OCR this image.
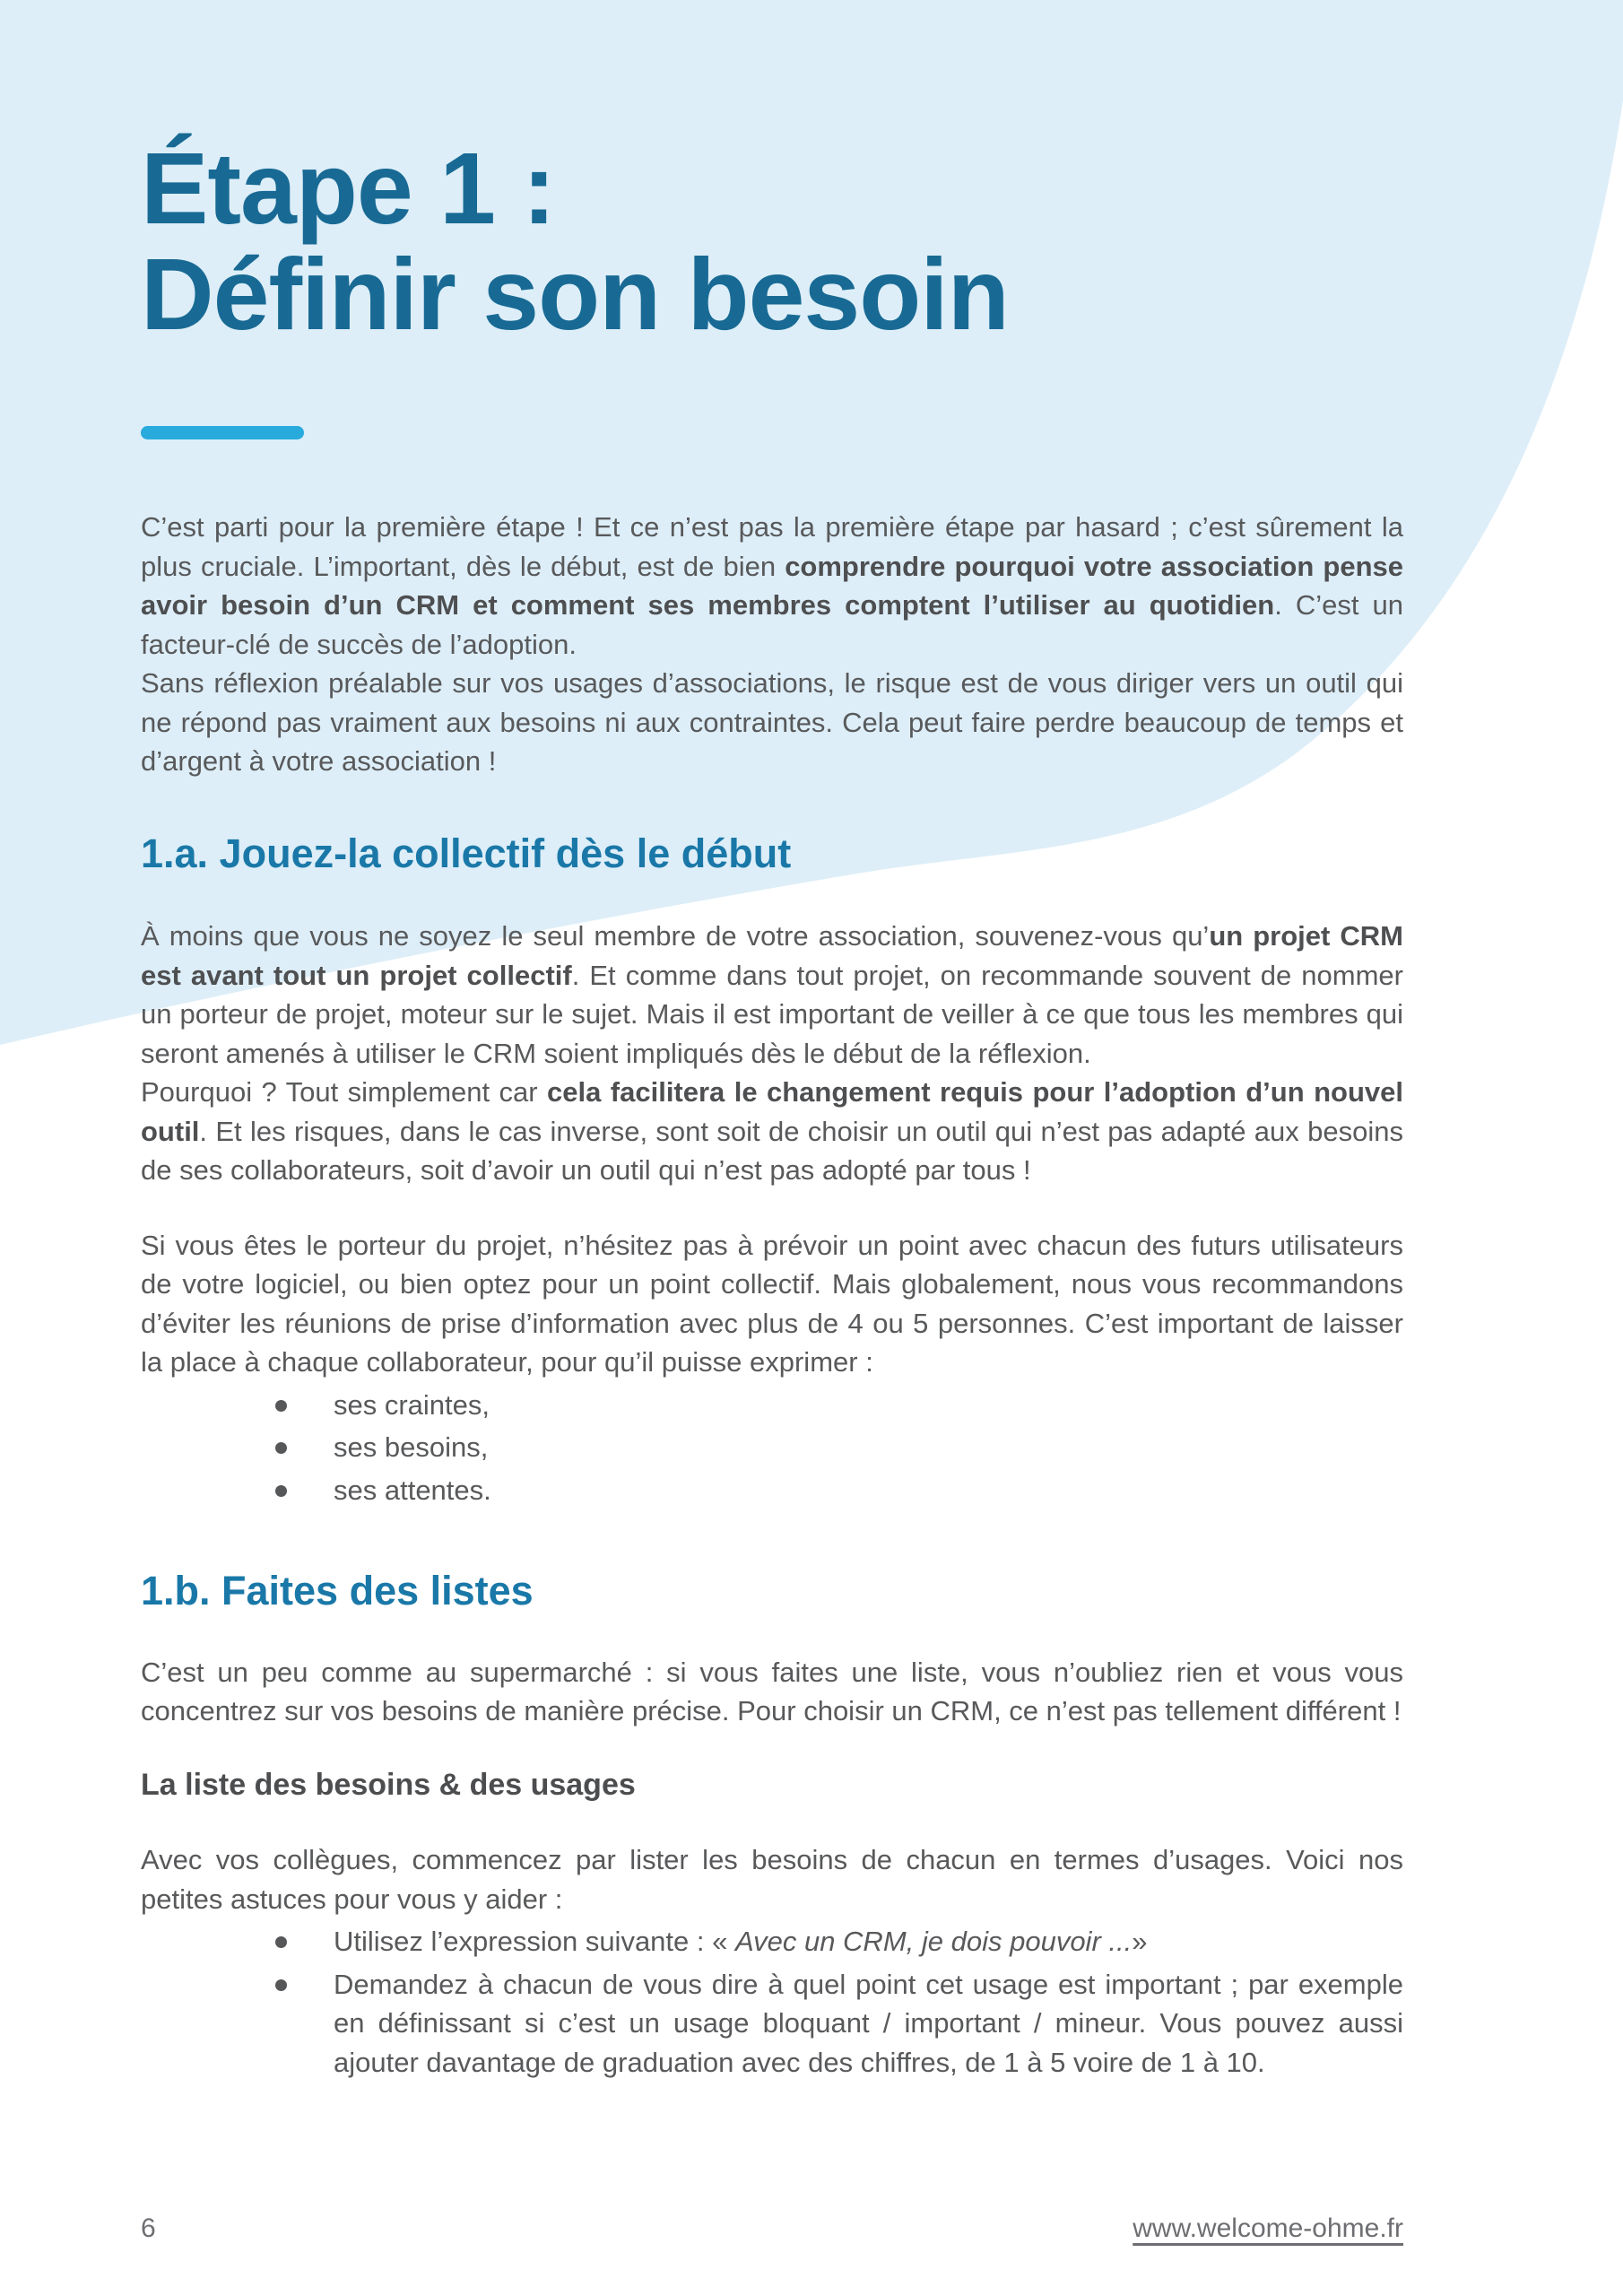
Étape 1 :
Définir son besoin

C’est parti pour la première étape ! Et ce n’est pas la première étape par hasard ; c’est sûrement la plus cruciale. L’important, dès le début, est de bien comprendre pourquoi votre association pense avoir besoin d’un CRM et comment ses membres comptent l’utiliser au quotidien. C’est un facteur-clé de succès de l’adoption.

Sans réflexion préalable sur vos usages d’associations, le risque est de vous diriger vers un outil qui ne répond pas vraiment aux besoins ni aux contraintes. Cela peut faire perdre beaucoup de temps et d’argent à votre association !

1.a. Jouez-la collectif dès le début

À moins que vous ne soyez le seul membre de votre association, souvenez-vous qu’un projet CRM est avant tout un projet collectif. Et comme dans tout projet, on recommande souvent de nommer un porteur de projet, moteur sur le sujet. Mais il est important de veiller à ce que tous les membres qui seront amenés à utiliser le CRM soient impliqués dès le début de la réflexion.

Pourquoi ? Tout simplement car cela facilitera le changement requis pour l’adoption d’un nouvel outil. Et les risques, dans le cas inverse, sont soit de choisir un outil qui n’est pas adapté aux besoins de ses collaborateurs, soit d’avoir un outil qui n’est pas adopté par tous !

Si vous êtes le porteur du projet, n’hésitez pas à prévoir un point avec chacun des futurs utilisateurs de votre logiciel, ou bien optez pour un point collectif. Mais globalement, nous vous recommandons d’éviter les réunions de prise d’information avec plus de 4 ou 5 personnes. C’est important de laisser la place à chaque collaborateur, pour qu’il puisse exprimer :

ses craintes,
ses besoins,
ses attentes.
1.b. Faites des listes

C’est un peu comme au supermarché : si vous faites une liste, vous n’oubliez rien et vous vous concentrez sur vos besoins de manière précise. Pour choisir un CRM, ce n’est pas tellement différent !

La liste des besoins & des usages

Avec vos collègues, commencez par lister les besoins de chacun en termes d’usages. Voici nos petites astuces pour vous y aider :

Utilisez l’expression suivante : « Avec un CRM, je dois pouvoir ...»
Demandez à chacun de vous dire à quel point cet usage est important ; par exemple en définissant si c’est un usage bloquant / important / mineur. Vous pouvez aussi ajouter davantage de graduation avec des chiffres, de 1 à 5 voire de 1 à 10.
6	www.welcome-ohme.fr
